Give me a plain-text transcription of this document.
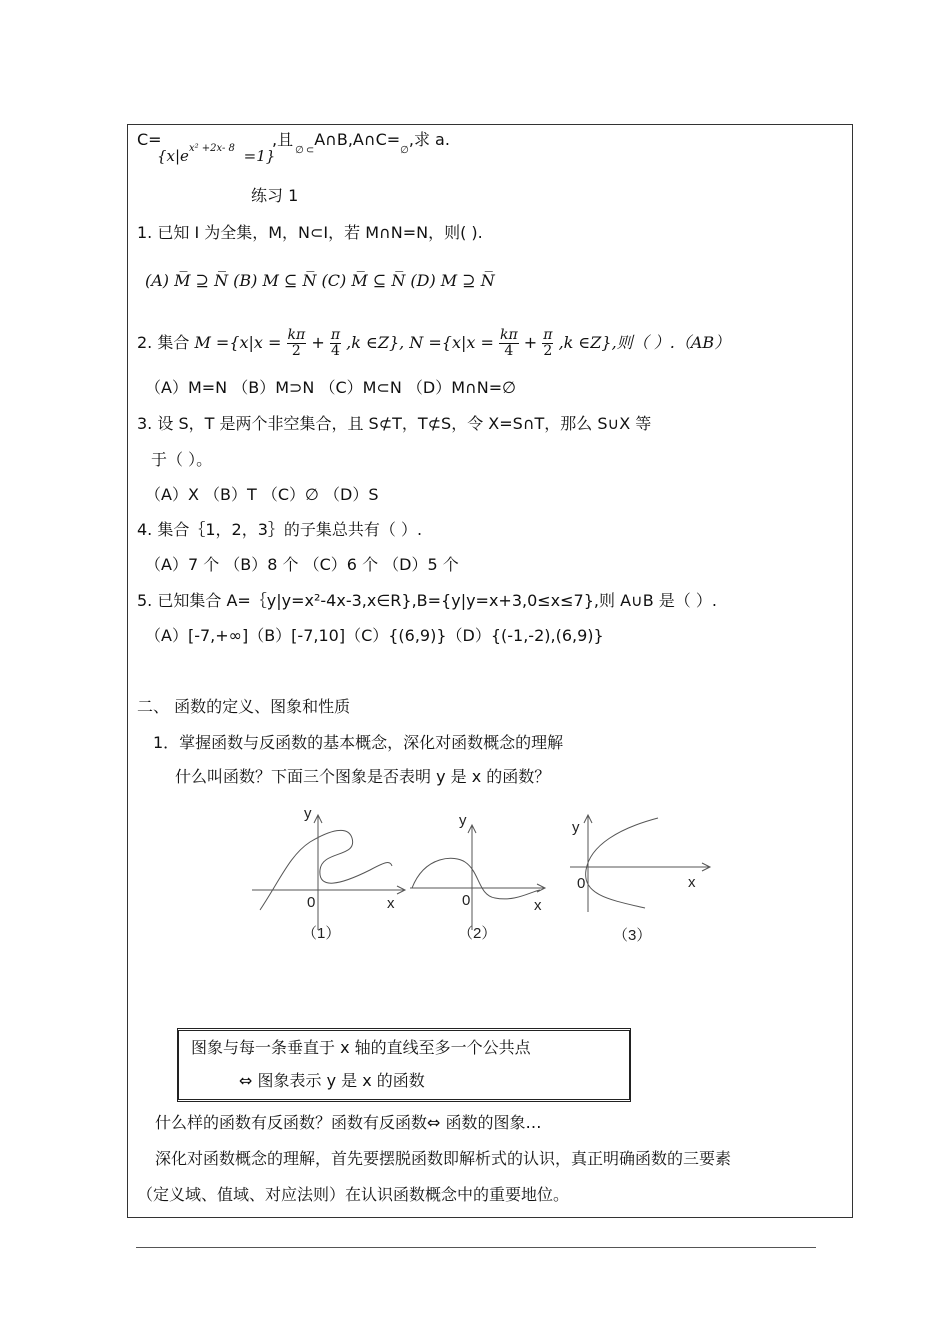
C=
$\{x|e^{x^2 +2x- 8} =1\}$
,且$_\emptyset$ $_\subset A\cap B,A\cap C=_\emptyset$,求 a.
练习 1
1. 已知 I 为全集，M，N⊂I，若 M∩N=N，则( ).
(A) M̅ ⊇ N̅ (B) M ⊆ N̅ (C) M̅ ⊆ N̅ (D) M ⊇ N̅
2. 集合 $M =\{x|x = \frac{k\pi}{2} + \frac{\pi}{4} ,k$ ∈Z}, $N =\{x|x = \frac{k\pi}{4} + \frac{\pi}{2} ,k$ ∈Z},则（ ）.（AB）
（A）M=N （B）M⊃N （C）M⊂N （D）M∩N=∅
3. 设 S，T 是两个非空集合，且 S⊄T，T⊄S，令 X=S∩T，那么 S∪X 等
于（ ）。
（A）X （B）T （C）∅ （D）S
4. 集合｛1，2，3｝的子集总共有（ ）.
（A）7 个 （B）8 个 （C）6 个 （D）5 个
5. 已知集合 A=｛y|y=x²-4x-3,x∈R},B={y|y=x+3,0≤x≤7},则 A∪B 是（ ）.
（A）[-7,+∞]（B）[-7,10]（C）{(6,9)}（D）{(-1,-2),(6,9)}
二、 函数的定义、图象和性质
1．掌握函数与反函数的基本概念，深化对函数概念的理解
什么叫函数？下面三个图象是否表明 y 是 x 的函数？
y
0	x
（1）
y
0	x
（2）
y
0	x
（3）
图象与每一条垂直于 x 轴的直线至多一个公共点
⇔ 图象表示 y 是 x 的函数
什么样的函数有反函数？函数有反函数⇔ 函数的图象…
深化对函数概念的理解，首先要摆脱函数即解析式的认识，真正明确函数的三要素
（定义域、值域、对应法则）在认识函数概念中的重要地位。
